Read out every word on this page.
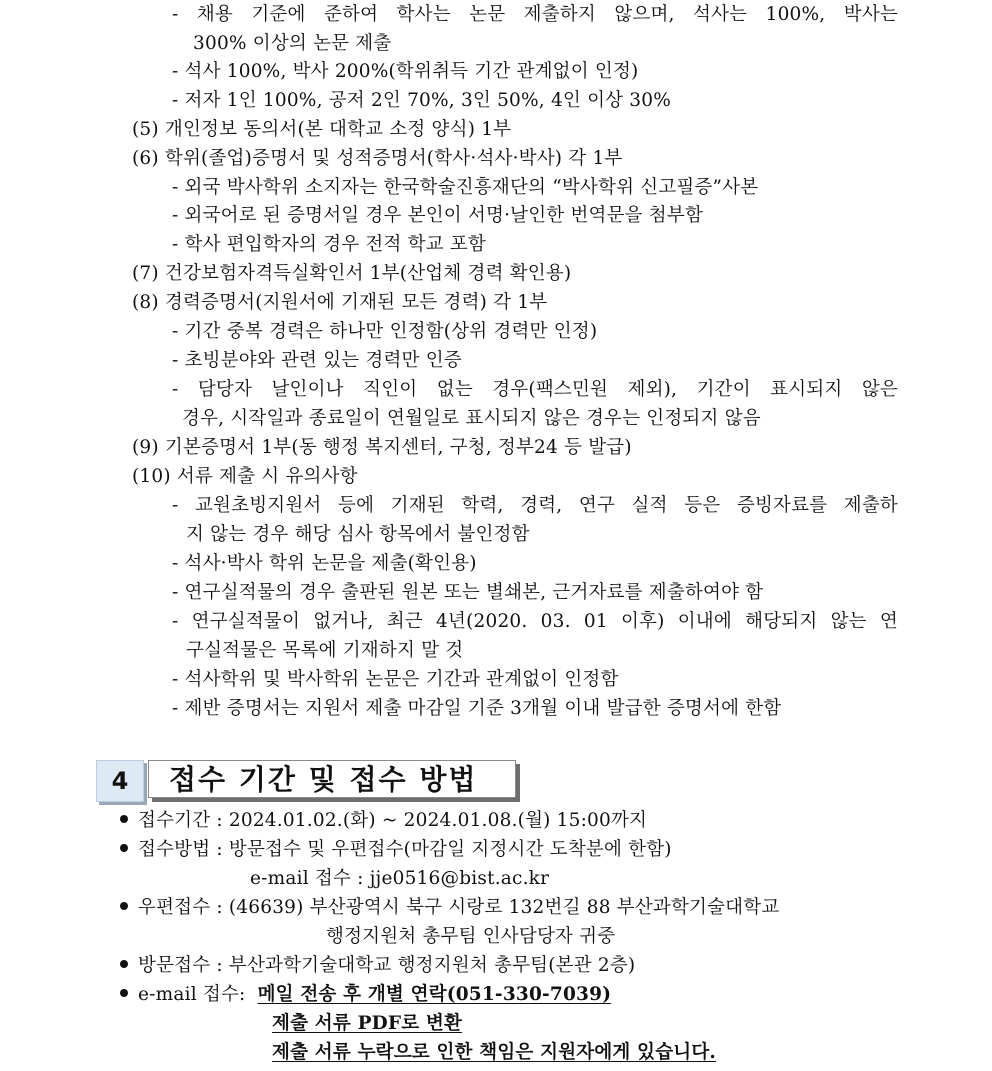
- 채용 기준에 준하여 학사는 논문 제출하지 않으며, 석사는 100%, 박사는
300% 이상의 논문 제출
- 석사 100%, 박사 200%(학위취득 기간 관계없이 인정)
- 저자 1인 100%, 공저 2인 70%, 3인 50%, 4인 이상 30%
(5) 개인정보 동의서(본 대학교 소정 양식) 1부
(6) 학위(졸업)증명서 및 성적증명서(학사·석사·박사) 각 1부
- 외국 박사학위 소지자는 한국학술진흥재단의 “박사학위 신고필증”사본
- 외국어로 된 증명서일 경우 본인이 서명·날인한 번역문을 첨부함
- 학사 편입학자의 경우 전적 학교 포함
(7) 건강보험자격득실확인서 1부(산업체 경력 확인용)
(8) 경력증명서(지원서에 기재된 모든 경력) 각 1부
- 기간 중복 경력은 하나만 인정함(상위 경력만 인정)
- 초빙분야와 관련 있는 경력만 인증
- 담당자 날인이나 직인이 없는 경우(팩스민원 제외), 기간이 표시되지 않은
경우, 시작일과 종료일이 연월일로 표시되지 않은 경우는 인정되지 않음
(9) 기본증명서 1부(동 행정 복지센터, 구청, 정부24 등 발급)
(10) 서류 제출 시 유의사항
- 교원초빙지원서 등에 기재된 학력, 경력, 연구 실적 등은 증빙자료를 제출하
지 않는 경우 해당 심사 항목에서 불인정함
- 석사·박사 학위 논문을 제출(확인용)
- 연구실적물의 경우 출판된 원본 또는 별쇄본, 근거자료를 제출하여야 함
- 연구실적물이 없거나, 최근 4년(2020. 03. 01 이후) 이내에 해당되지 않는 연
구실적물은 목록에 기재하지 말 것
- 석사학위 및 박사학위 논문은 기간과 관계없이 인정함
- 제반 증명서는 지원서 제출 마감일 기준 3개월 이내 발급한 증명서에 한함
4	접수 기간 및 접수 방법
접수기간 : 2024.01.02.(화) ~ 2024.01.08.(월) 15:00까지
접수방법 : 방문접수 및 우편접수(마감일 지정시간 도착분에 한함)
e-mail 접수 : jje0516@bist.ac.kr
우편접수 : (46639) 부산광역시 북구 시랑로 132번길 88 부산과학기술대학교
행정지원처 총무팀 인사담당자 귀중
방문접수 : 부산과학기술대학교 행정지원처 총무팀(본관 2층)
e-mail 접수: 메일 전송 후 개별 연락(051-330-7039)
제출 서류 PDF로 변환
제출 서류 누락으로 인한 책임은 지원자에게 있습니다.
